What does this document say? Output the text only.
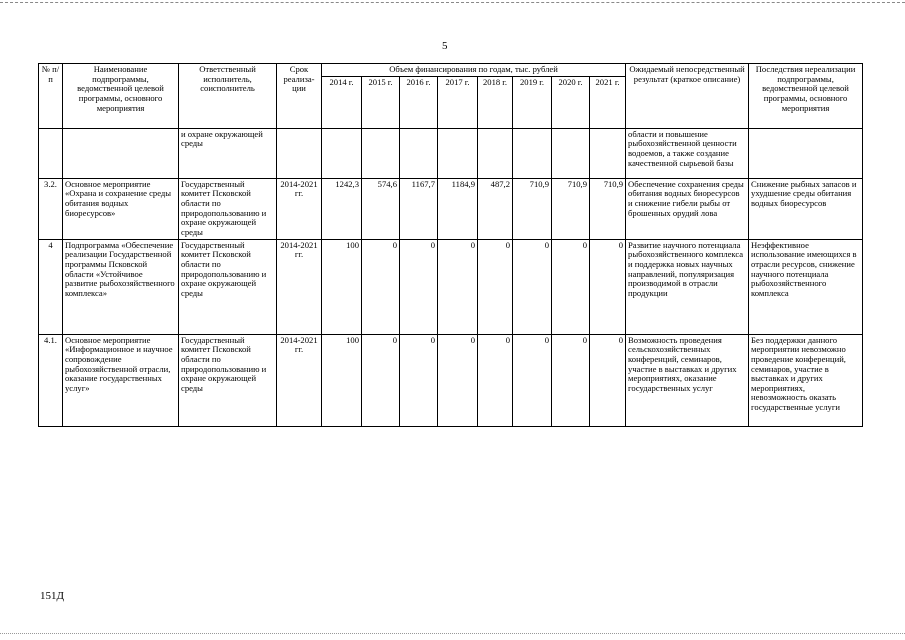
5
№ п/п	Наименование подпрограммы, ведомственной целевой программы, основного мероприятия	Ответственный исполнитель, соисполнитель	Срок реализа-ции	Объем финансирования по годам, тыс. рублей								Ожидаемый непосредственный результат (краткое описание)	Последствия нереализации подпрограммы, ведомственной целевой программы, основного мероприятия
				2014 г.	2015 г.	2016 г.	2017 г.	2018 г.	2019 г.	2020 г.	2021 г.		
		и охране окружающей среды										области и повышение рыбохозяйственной ценности водоемов, а также создание качественной сырьевой базы	
3.2.	Основное мероприятие «Охрана и сохранение среды обитания водных биоресурсов»	Государственный комитет Псковской области по природопользованию и охране окружающей среды	2014-2021 гг.	1242,3	574,6	1167,7	1184,9	487,2	710,9	710,9	710,9	Обеспечение сохранения среды обитания водных биоресурсов и снижение гибели рыбы от брошенных орудий лова	Снижение рыбных запасов и ухудшение среды обитания водных биоресурсов
4	Подпрограмма «Обеспечение реализации Государственной программы Псковской области «Устойчивое развитие рыбохозяйственного комплекса»	Государственный комитет Псковской области по природопользованию и охране окружающей среды	2014-2021 гг.	100	0	0	0	0	0	0	0	Развитие научного потенциала рыбохозяйственного комплекса и поддержка новых научных направлений, популяризация производимой в отрасли продукции	Неэффективное использование имеющихся в отрасли ресурсов, снижение научного потенциала рыбохозяйственного комплекса
4.1.	Основное мероприятие «Информационное и научное сопровождение рыбохозяйственной отрасли, оказание государственных услуг»	Государственный комитет Псковской области по природопользованию и охране окружающей среды	2014-2021 гг.	100	0	0	0	0	0	0	0	Возможность проведения сельскохозяйственных конференций, семинаров, участие в выставках и других мероприятиях, оказание государственных услуг	Без поддержки данного мероприятии невозможно проведение конференций, семинаров, участие в выставках и других мероприятиях, невозможность оказать государственные услуги
151Д
